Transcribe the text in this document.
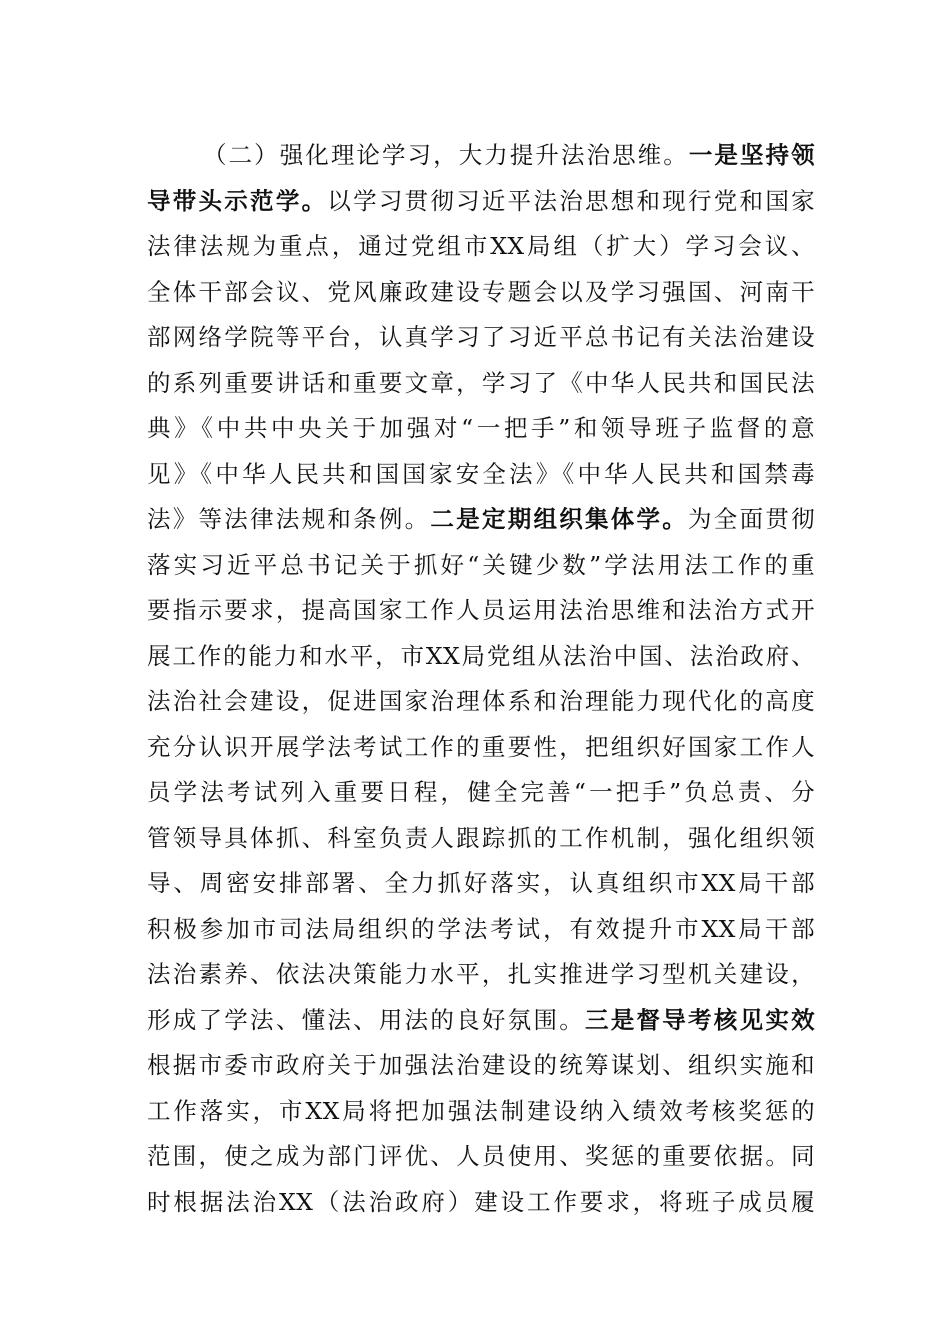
（二）强化理论学习，大力提升法治思维。一是坚持领
导带头示范学。以学习贯彻习近平法治思想和现行党和国家
法律法规为重点，通过党组市XX局组（扩大）学习会议、
全体干部会议、党风廉政建设专题会以及学习强国、河南干
部网络学院等平台，认真学习了习近平总书记有关法治建设
的系列重要讲话和重要文章，学习了《中华人民共和国民法
典》《中共中央关于加强对“一把手”和领导班子监督的意
见》《中华人民共和国国家安全法》《中华人民共和国禁毒
法》等法律法规和条例。二是定期组织集体学。为全面贯彻
落实习近平总书记关于抓好“关键少数”学法用法工作的重
要指示要求，提高国家工作人员运用法治思维和法治方式开
展工作的能力和水平，市XX局党组从法治中国、法治政府、
法治社会建设，促进国家治理体系和治理能力现代化的高度
充分认识开展学法考试工作的重要性，把组织好国家工作人
员学法考试列入重要日程，健全完善“一把手”负总责、分
管领导具体抓、科室负责人跟踪抓的工作机制，强化组织领
导、周密安排部署、全力抓好落实，认真组织市XX局干部
积极参加市司法局组织的学法考试，有效提升市XX局干部
法治素养、依法决策能力水平，扎实推进学习型机关建设，
形成了学法、懂法、用法的良好氛围。三是督导考核见实效
根据市委市政府关于加强法治建设的统筹谋划、组织实施和
工作落实，市XX局将把加强法制建设纳入绩效考核奖惩的
范围，使之成为部门评优、人员使用、奖惩的重要依据。同
时根据法治XX（法治政府）建设工作要求，将班子成员履
